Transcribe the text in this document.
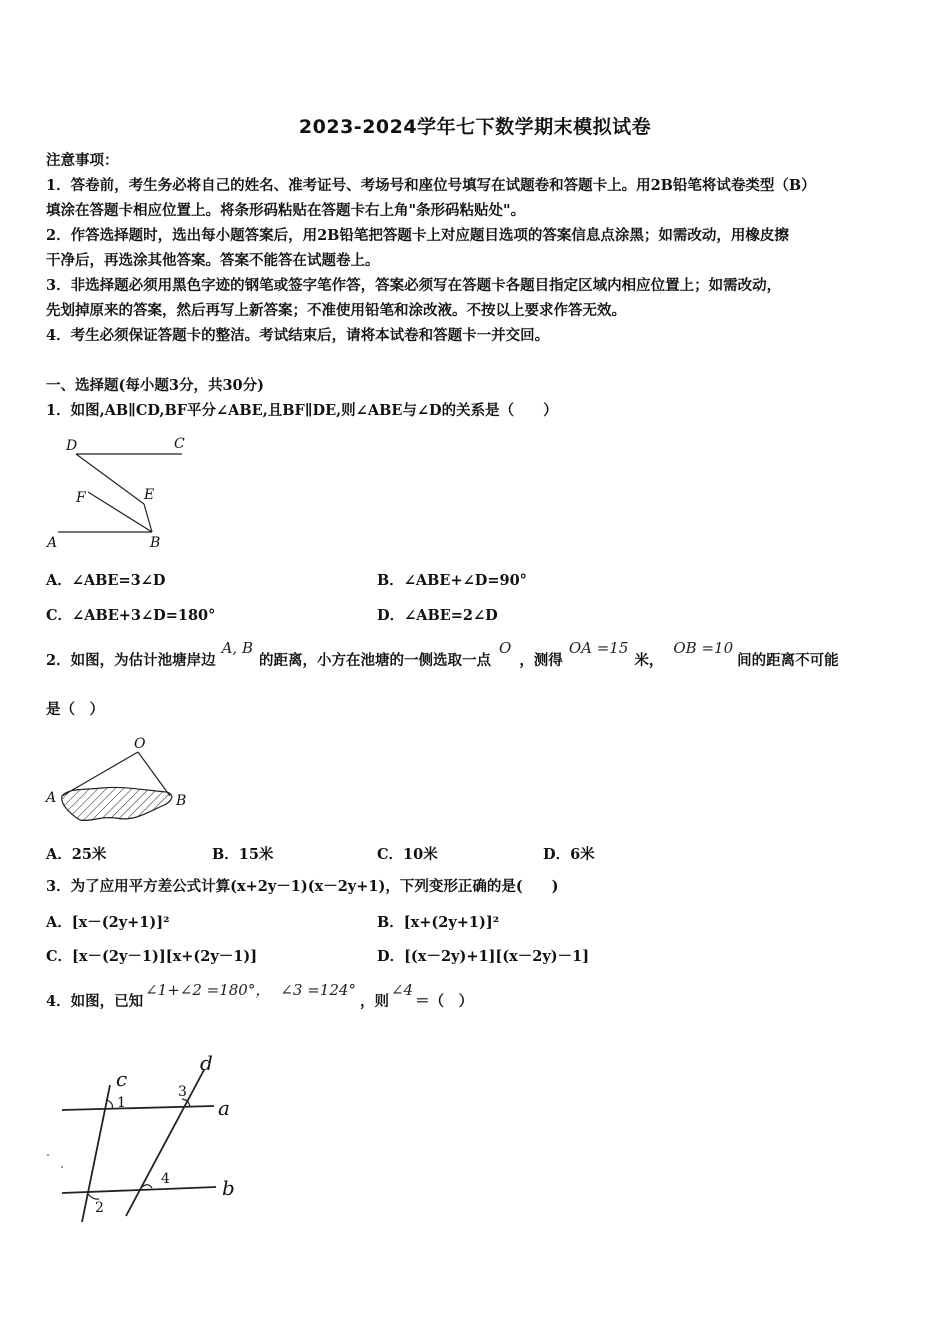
2023-2024学年七下数学期末模拟试卷
注意事项：
1．答卷前，考生务必将自己的姓名、准考证号、考场号和座位号填写在试题卷和答题卡上。用2B铅笔将试卷类型（B）
填涂在答题卡相应位置上。将条形码粘贴在答题卡右上角"条形码粘贴处"。
2．作答选择题时，选出每小题答案后，用2B铅笔把答题卡上对应题目选项的答案信息点涂黑；如需改动，用橡皮擦
干净后，再选涂其他答案。答案不能答在试题卷上。
3．非选择题必须用黑色字迹的钢笔或签字笔作答，答案必须写在答题卡各题目指定区域内相应位置上；如需改动，
先划掉原来的答案，然后再写上新答案；不准使用铅笔和涂改液。不按以上要求作答无效。
4．考生必须保证答题卡的整洁。考试结束后，请将本试卷和答题卡一并交回。
一、选择题(每小题3分，共30分)
1．如图,AB∥CD,BF平分∠ABE,且BF∥DE,则∠ABE与∠D的关系是（　　）
D	C
F	E
A	B
A．∠ABE=3∠D	B．∠ABE+∠D=90°
C．∠ABE+3∠D=180°	D．∠ABE=2∠D
2．如图，为估计池塘岸边A, B的距离，小方在池塘的一侧选取一点O，测得OA =15米，OB =10间的距离不可能
是（　）
O
A	B
A．25米	B．15米	C．10米	D．6米
3．为了应用平方差公式计算(x+2y－1)(x－2y+1)，下列变形正确的是(　　)
A．[x－(2y+1)]²	B．[x+(2y+1)]²
C．[x－(2y－1)][x+(2y－1)]	D．[(x－2y)+1][(x－2y)－1]
4．如图，已知∠1+∠2 =180°， ∠3 =124°，则∠4＝（　）
c
d
a
b
1
2
3
4
